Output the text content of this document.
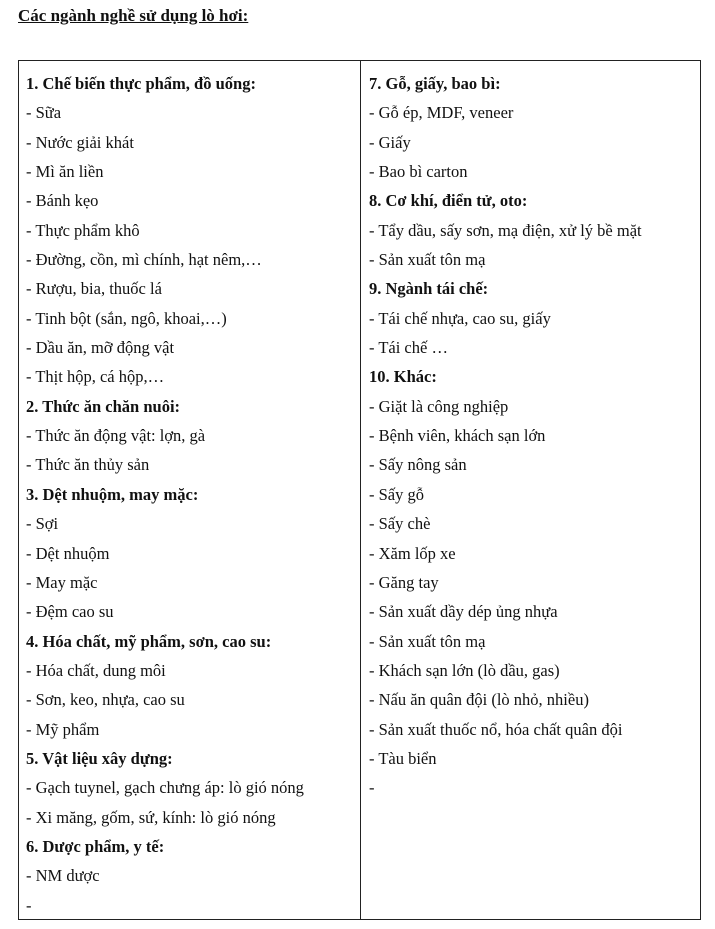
Các ngành nghề sử dụng lò hơi:
1. Chế biến thực phẩm, đồ uống:
- Sữa
- Nước giải khát
- Mì ăn liền
- Bánh kẹo
- Thực phẩm khô
- Đường, cồn, mì chính, hạt nêm,…
- Rượu, bia, thuốc lá
- Tinh bột (sắn, ngô, khoai,…)
- Dầu ăn, mỡ động vật
- Thịt hộp, cá hộp,…
2. Thức ăn chăn nuôi:
- Thức ăn động vật: lợn, gà
- Thức ăn thủy sản
3. Dệt nhuộm, may mặc:
- Sợi
- Dệt nhuộm
- May mặc
- Đệm cao su
4. Hóa chất, mỹ phẩm, sơn, cao su:
- Hóa chất, dung môi
- Sơn, keo, nhựa, cao su
- Mỹ phẩm
5. Vật liệu xây dựng:
- Gạch tuynel, gạch chưng áp: lò gió nóng
- Xi măng, gốm, sứ, kính: lò gió nóng
6. Dược phẩm, y tế:
- NM dược
-
7. Gỗ, giấy, bao bì:
- Gỗ ép, MDF, veneer
- Giấy
- Bao bì carton
8. Cơ khí, điển tử, oto:
- Tẩy dầu, sấy sơn, mạ điện, xử lý bề mặt
- Sản xuất tôn mạ
9. Ngành tái chế:
- Tái chế nhựa, cao su, giấy
- Tái chế …
10. Khác:
- Giặt là công nghiệp
- Bệnh viên, khách sạn lớn
- Sấy nông sản
- Sấy gỗ
- Sấy chè
- Xăm lốp xe
- Găng tay
- Sản xuất dầy dép ủng nhựa
- Sản xuất tôn mạ
- Khách sạn lớn (lò dầu, gas)
- Nấu ăn quân đội (lò nhỏ, nhiều)
- Sản xuất thuốc nổ, hóa chất quân đội
- Tàu biển
-
